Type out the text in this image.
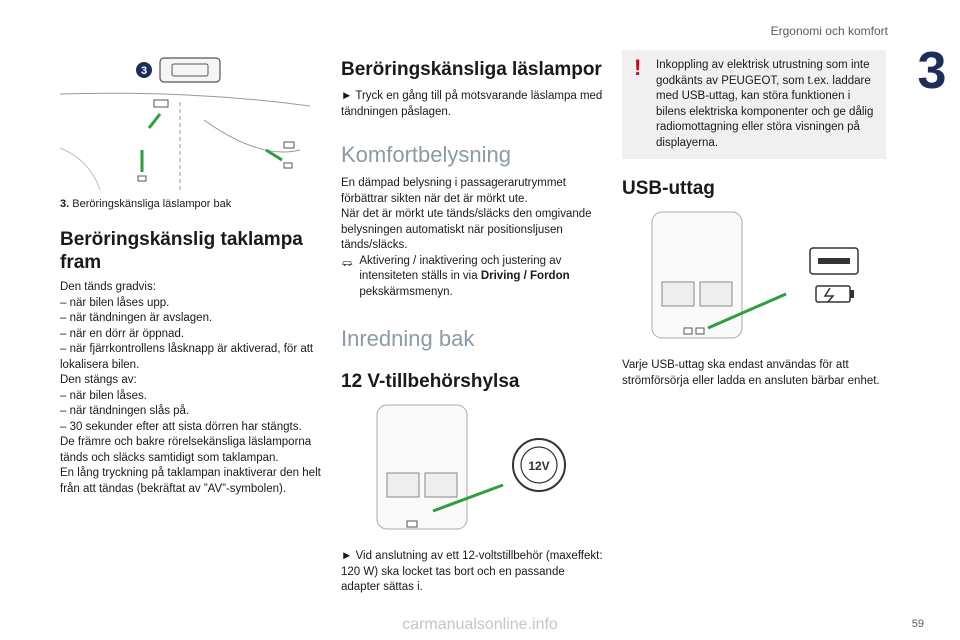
Ergonomi och komfort
3
3
3. Beröringskänsliga läslampor bak
Beröringskänslig taklampa fram

Den tänds gradvis:
– när bilen låses upp.
– när tändningen är avslagen.
– när en dörr är öppnad.
– när fjärrkontrollens låsknapp är aktiverad, för att lokalisera bilen.
Den stängs av:
– när bilen låses.
– när tändningen slås på.
– 30 sekunder efter att sista dörren har stängts.
De främre och bakre rörelsekänsliga läslamporna tänds och släcks samtidigt som taklampan.
En lång tryckning på taklampan inaktiverar den helt från att tändas (bekräftat av ”AV”-symbolen).

Beröringskänsliga läslampor

► Tryck en gång till på motsvarande läslampa med tändningen påslagen.

Komfortbelysning

En dämpad belysning i passagerarutrymmet förbättrar sikten när det är mörkt ute.
När det är mörkt ute tänds/släcks den omgivande belysningen automatiskt när positionsljusen tänds/släcks.

Aktivering / inaktivering och justering av intensiteten ställs in via Driving / Fordon pekskärmsmenyn.
Inredning bak
12 V-tillbehörshylsa
12V

► Vid anslutning av ett 12-voltstillbehör (maxeffekt: 120 W) ska locket tas bort och en passande adapter sättas i.

!	Inkoppling av elektrisk utrustning som inte godkänts av PEUGEOT, som t.ex. laddare med USB-uttag, kan störa funktionen i bilens elektriska komponenter och ge dålig radiomottagning eller störa visningen på displayerna.
USB-uttag

Varje USB-uttag ska endast användas för att strömförsörja eller ladda en ansluten bärbar enhet.

59
carmanualsonline.info
